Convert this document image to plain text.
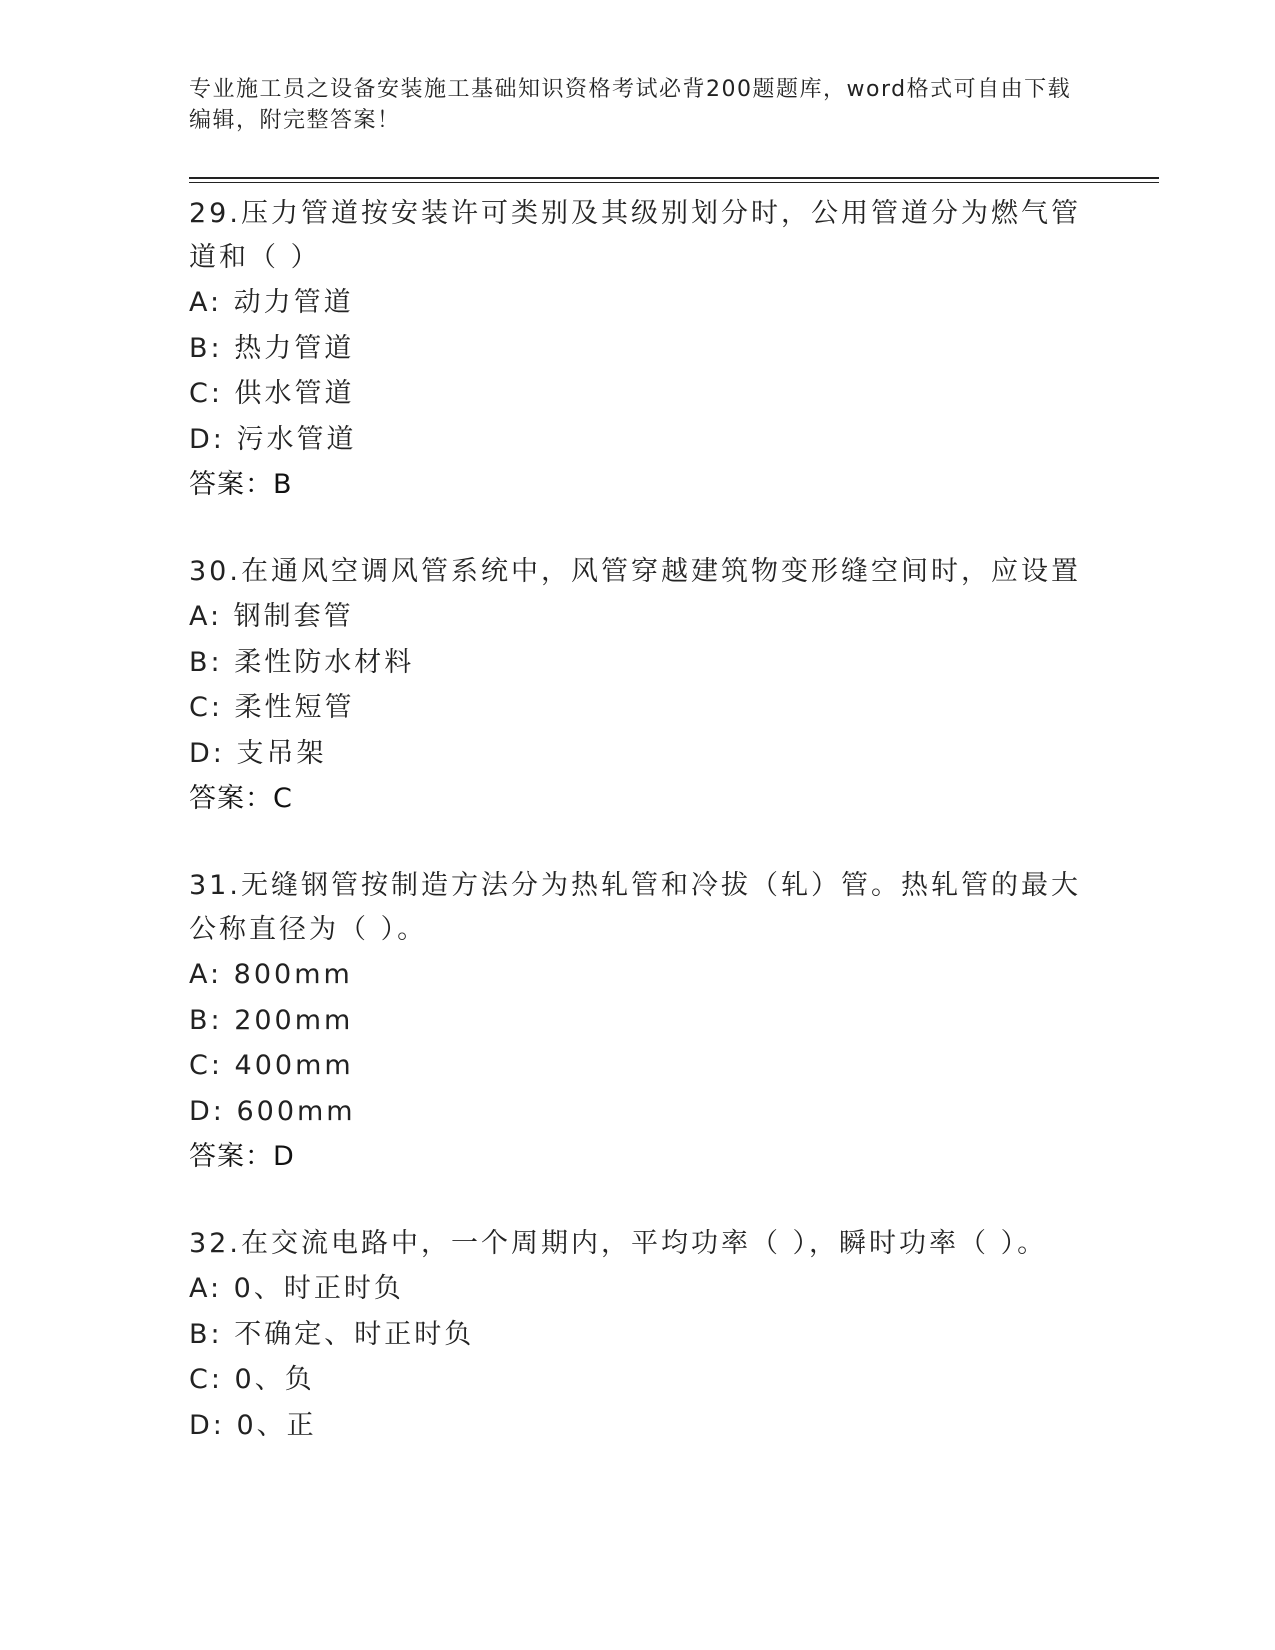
专业施工员之设备安装施工基础知识资格考试必背200题题库，word格式可自由下载编辑，附完整答案！
29.压力管道按安装许可类别及其级别划分时，公用管道分为燃气管道和（ ）
A: 动力管道
B: 热力管道
C: 供水管道
D: 污水管道
答案：B
30.在通风空调风管系统中，风管穿越建筑物变形缝空间时，应设置
A: 钢制套管
B: 柔性防水材料
C: 柔性短管
D: 支吊架
答案：C
31.无缝钢管按制造方法分为热轧管和冷拔（轧）管。热轧管的最大公称直径为（ ）。
A: 800mm
B: 200mm
C: 400mm
D: 600mm
答案：D
32.在交流电路中，一个周期内，平均功率（ ），瞬时功率（ ）。
A: 0、时正时负
B: 不确定、时正时负
C: 0、负
D: 0、正
